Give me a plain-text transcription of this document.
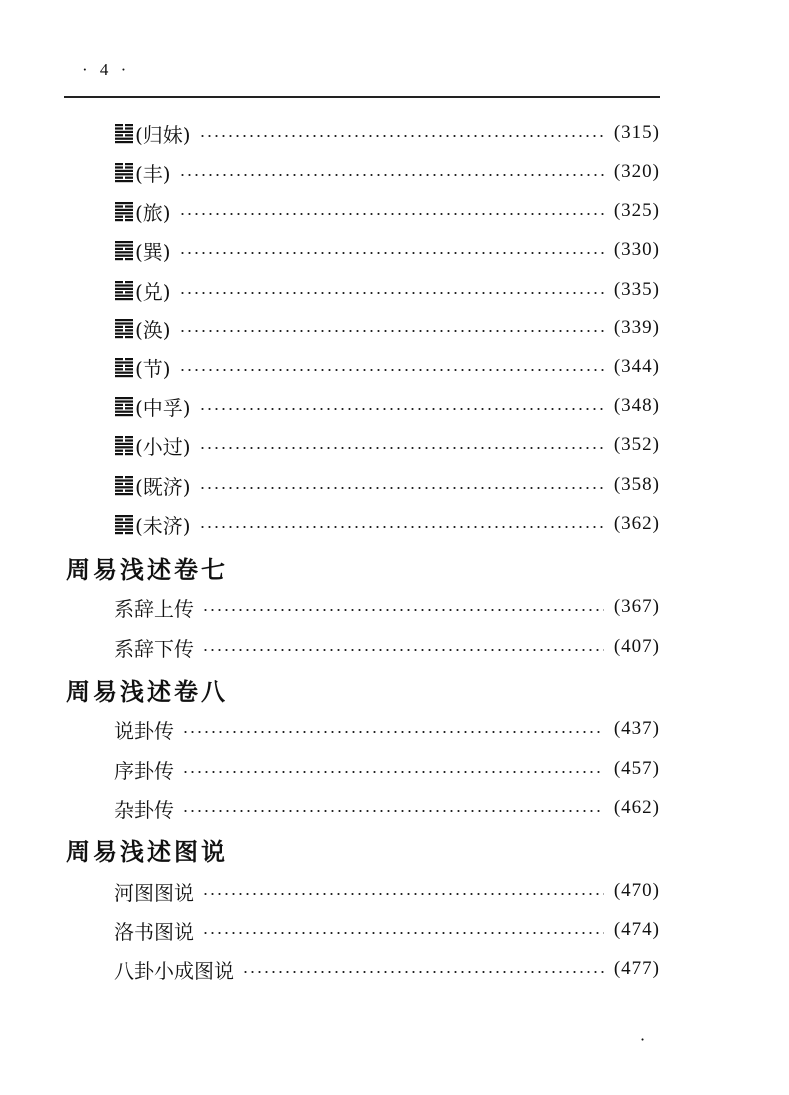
· 4 ·
(归妹)	(315)
(丰)	(320)
(旅)	(325)
(巽)	(330)
(兑)	(335)
(涣)	(339)
(节)	(344)
(中孚)	(348)
(小过)	(352)
(既济)	(358)
(未济)	(362)
周易浅述卷七
系辞上传	(367)
系辞下传	(407)
周易浅述卷八
说卦传	(437)
序卦传	(457)
杂卦传	(462)
周易浅述图说
河图图说	(470)
洛书图说	(474)
八卦小成图说	(477)
·
